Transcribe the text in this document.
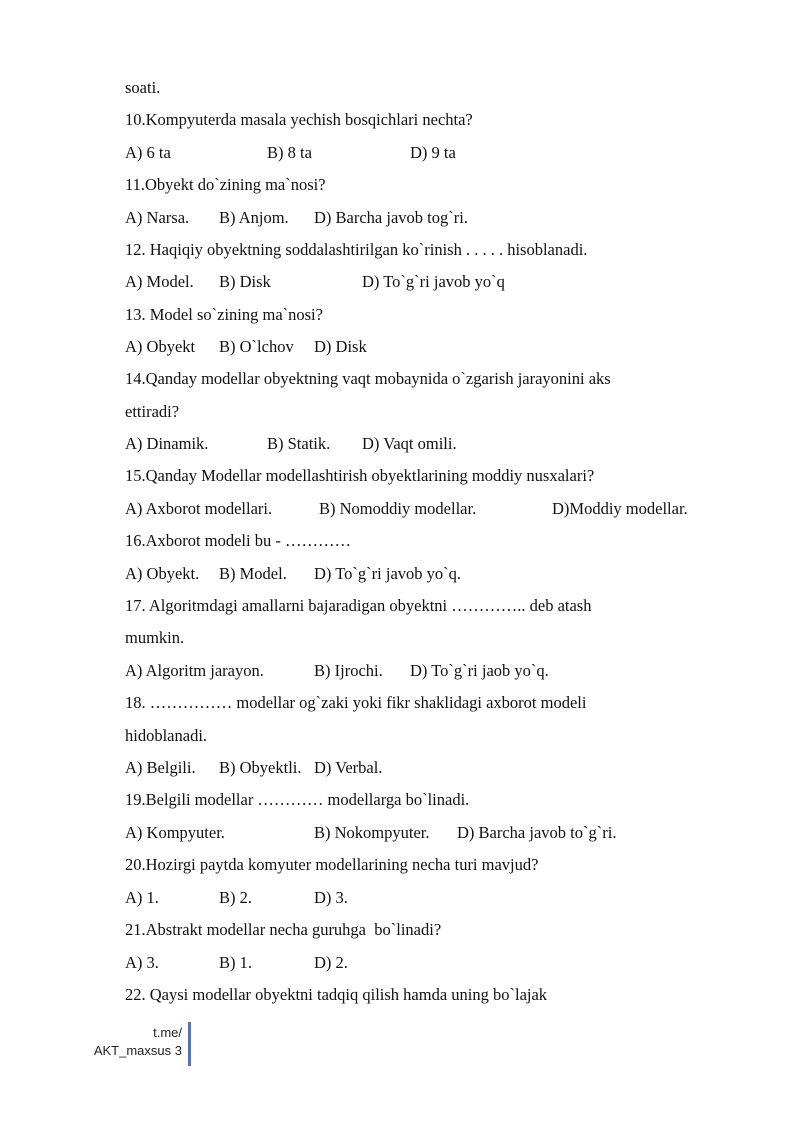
soati.
10.Kompyuterda masala yechish bosqichlari nechta?

A) 6 ta

	B) 8 ta

	D) 9 ta

11.Obyekt do`zining ma`nosi?

A) Narsa.

B) Anjom.

D) Barcha javob tog`ri.

12. Haqiqiy obyektning soddalashtirilgan ko`rinish . . . . . hisoblanadi.

A) Model.

B) Disk

	D) To`g`ri javob yo`q

13. Model so`zining ma`nosi?

A) Obyekt

B) O`lchov

D) Disk

14.Qanday modellar obyektning vaqt mobaynida o`zgarish jarayonini aks
ettiradi?

A) Dinamik.

	B) Statik.

D) Vaqt omili.

15.Qanday Modellar modellashtirish obyektlarining moddiy nusxalari?

A) Axborot modellari.

	B) Nomoddiy modellar.

	D)Moddiy modellar.

16.Axborot modeli bu - …………

A) Obyekt.

B) Model.

D) To`g`ri javob yo`q.

17. Algoritmdagi amallarni bajaradigan obyektni ………….. deb atash
mumkin.

A) Algoritm jarayon.

	B) Ijrochi.

D) To`g`ri jaob yo`q.

18. …………… modellar og`zaki yoki fikr shaklidagi axborot modeli
hidoblanadi.

A) Belgili.

B) Obyektli.

D) Verbal.

19.Belgili modellar ………… modellarga bo`linadi.

A) Kompyuter.

	B) Nokompyuter.

D) Barcha javob to`g`ri.

20.Hozirgi paytda komyuter modellarining necha turi mavjud?

A) 1.

	B) 2.

	D) 3.

21.Abstrakt modellar necha guruhga  bo`linadi?

A) 3.

	B) 1.

	D) 2.

22. Qaysi modellar obyektni tadqiq qilish hamda uning bo`lajak
t.me/
AKT_maxsus 3
